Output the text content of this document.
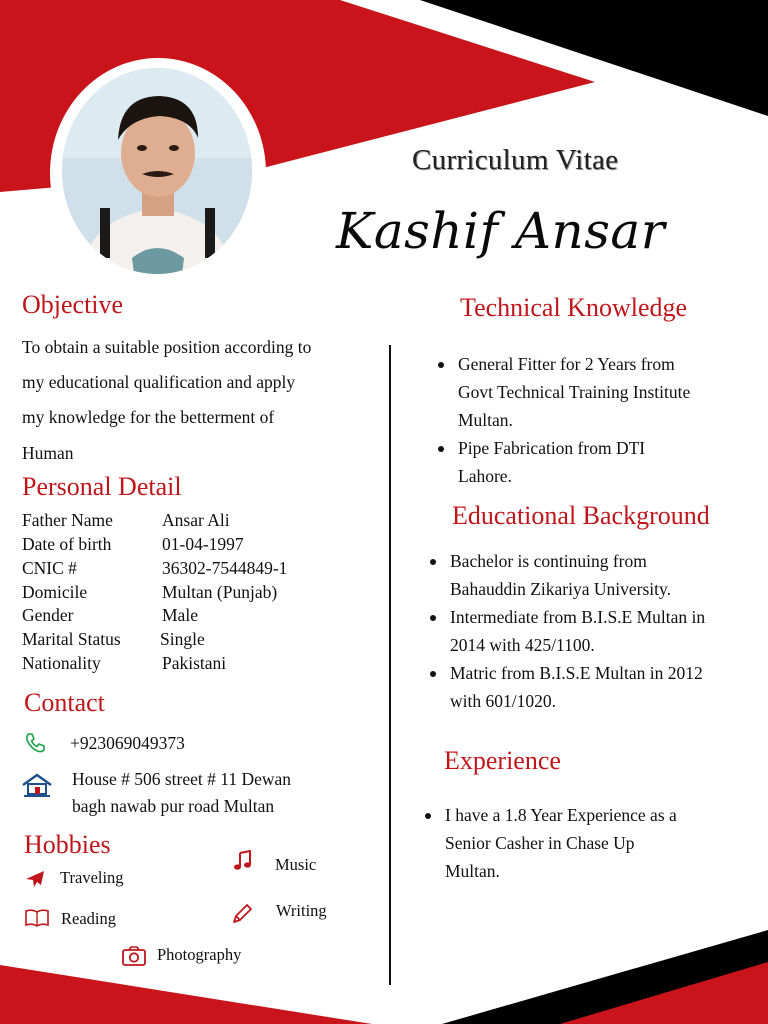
Curriculum Vitae
Kashif Ansar
Objective
To obtain a suitable position according to
my educational qualification and apply
my knowledge for the betterment of
Human
Personal Detail
Father Name	Ansar Ali
Date of birth	01-04-1997
CNIC #	36302-7544849-1
Domicile	Multan (Punjab)
Gender	Male
Marital Status Single
Nationality	Pakistani
Contact
+923069049373
House # 506 street # 11 Dewan
bagh nawab pur road Multan
Hobbies
Traveling
Reading
Music
Writing
Photography
Technical Knowledge
General Fitter for 2 Years from
Govt Technical Training Institute
Multan.
Pipe Fabrication from DTI
Lahore.
Educational Background
Bachelor is continuing from
Bahauddin Zikariya University.
Intermediate from B.I.S.E Multan in
2014 with 425/1100.
Matric from B.I.S.E Multan in 2012
with 601/1020.
Experience
I have a 1.8 Year Experience as a
Senior Casher in Chase Up
Multan.
